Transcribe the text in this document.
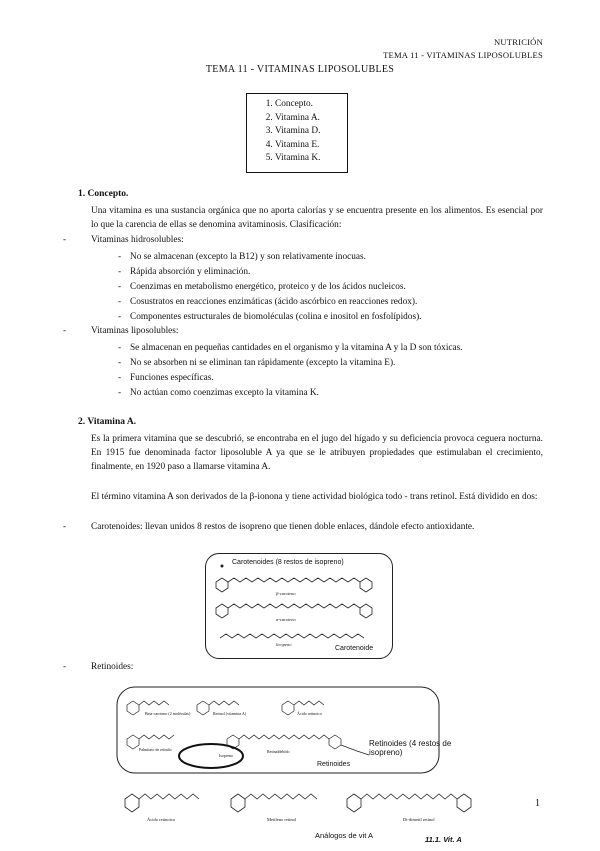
NUTRICIÓN
TEMA 11 - VITAMINAS LIPOSOLUBLES
TEMA 11 - VITAMINAS LIPOSOLUBLES
1. Concepto.
2. Vitamina A.
3. Vitamina D.
4. Vitamina E.
5. Vitamina K.
1. Concepto.
Una vitamina es una sustancia orgánica que no aporta calorías y se encuentra presente en los alimentos. Es esencial por lo que la carencia de ellas se denomina avitaminosis. Clasificación:
-	Vitaminas hidrosolubles:
- No se almacenan (excepto la B12) y son relativamente inocuas.
- Rápida absorción y eliminación.
- Coenzimas en metabolismo energético, proteico y de los ácidos nucleicos.
- Cosustratos en reacciones enzimáticas (ácido ascórbico en reacciones redox).
- Componentes estructurales de biomoléculas (colina e inositol en fosfolípidos).
-	Vitaminas liposolubles:
- Se almacenan en pequeñas cantidades en el organismo y la vitamina A y la D son tóxicas.
- No se absorben ni se eliminan tan rápidamente (excepto la vitamina E).
- Funciones específicas.
- No actúan como coenzimas excepto la vitamina K.
2. Vitamina A.
Es la primera vitamina que se descubrió, se encontraba en el jugo del hígado y su deficiencia provoca ceguera nocturna. En 1915 fue denominada factor liposoluble A ya que se le atribuyen propiedades que estimulaban el crecimiento, finalmente, en 1920 paso a llamarse vitamina A.
El término vitamina A son derivados de la β-ionona y tiene actividad biológica todo - trans retinol. Está dividido en dos:
-	Carotenoides: llevan unidos 8 restos de isopreno que tienen doble enlaces, dándole efecto antioxidante.
Carotenoides (8 restos de isopreno)
β-caroteno
α-caroteno
licopeno
Carotenoide
-	Retinoides:
Beta-caroteno (2 moléculas)	Retinol (vitamina A)	Ácido retinoico
Palmitato de retinilo	Retinaldehído
Isopreno
Retinoides (4 restos de isopreno)
Retinoides
Ácido retinoico	Metileno retinol	Di-dimetil retinol
Análogos de vit A	11.1. Vit. A
1
